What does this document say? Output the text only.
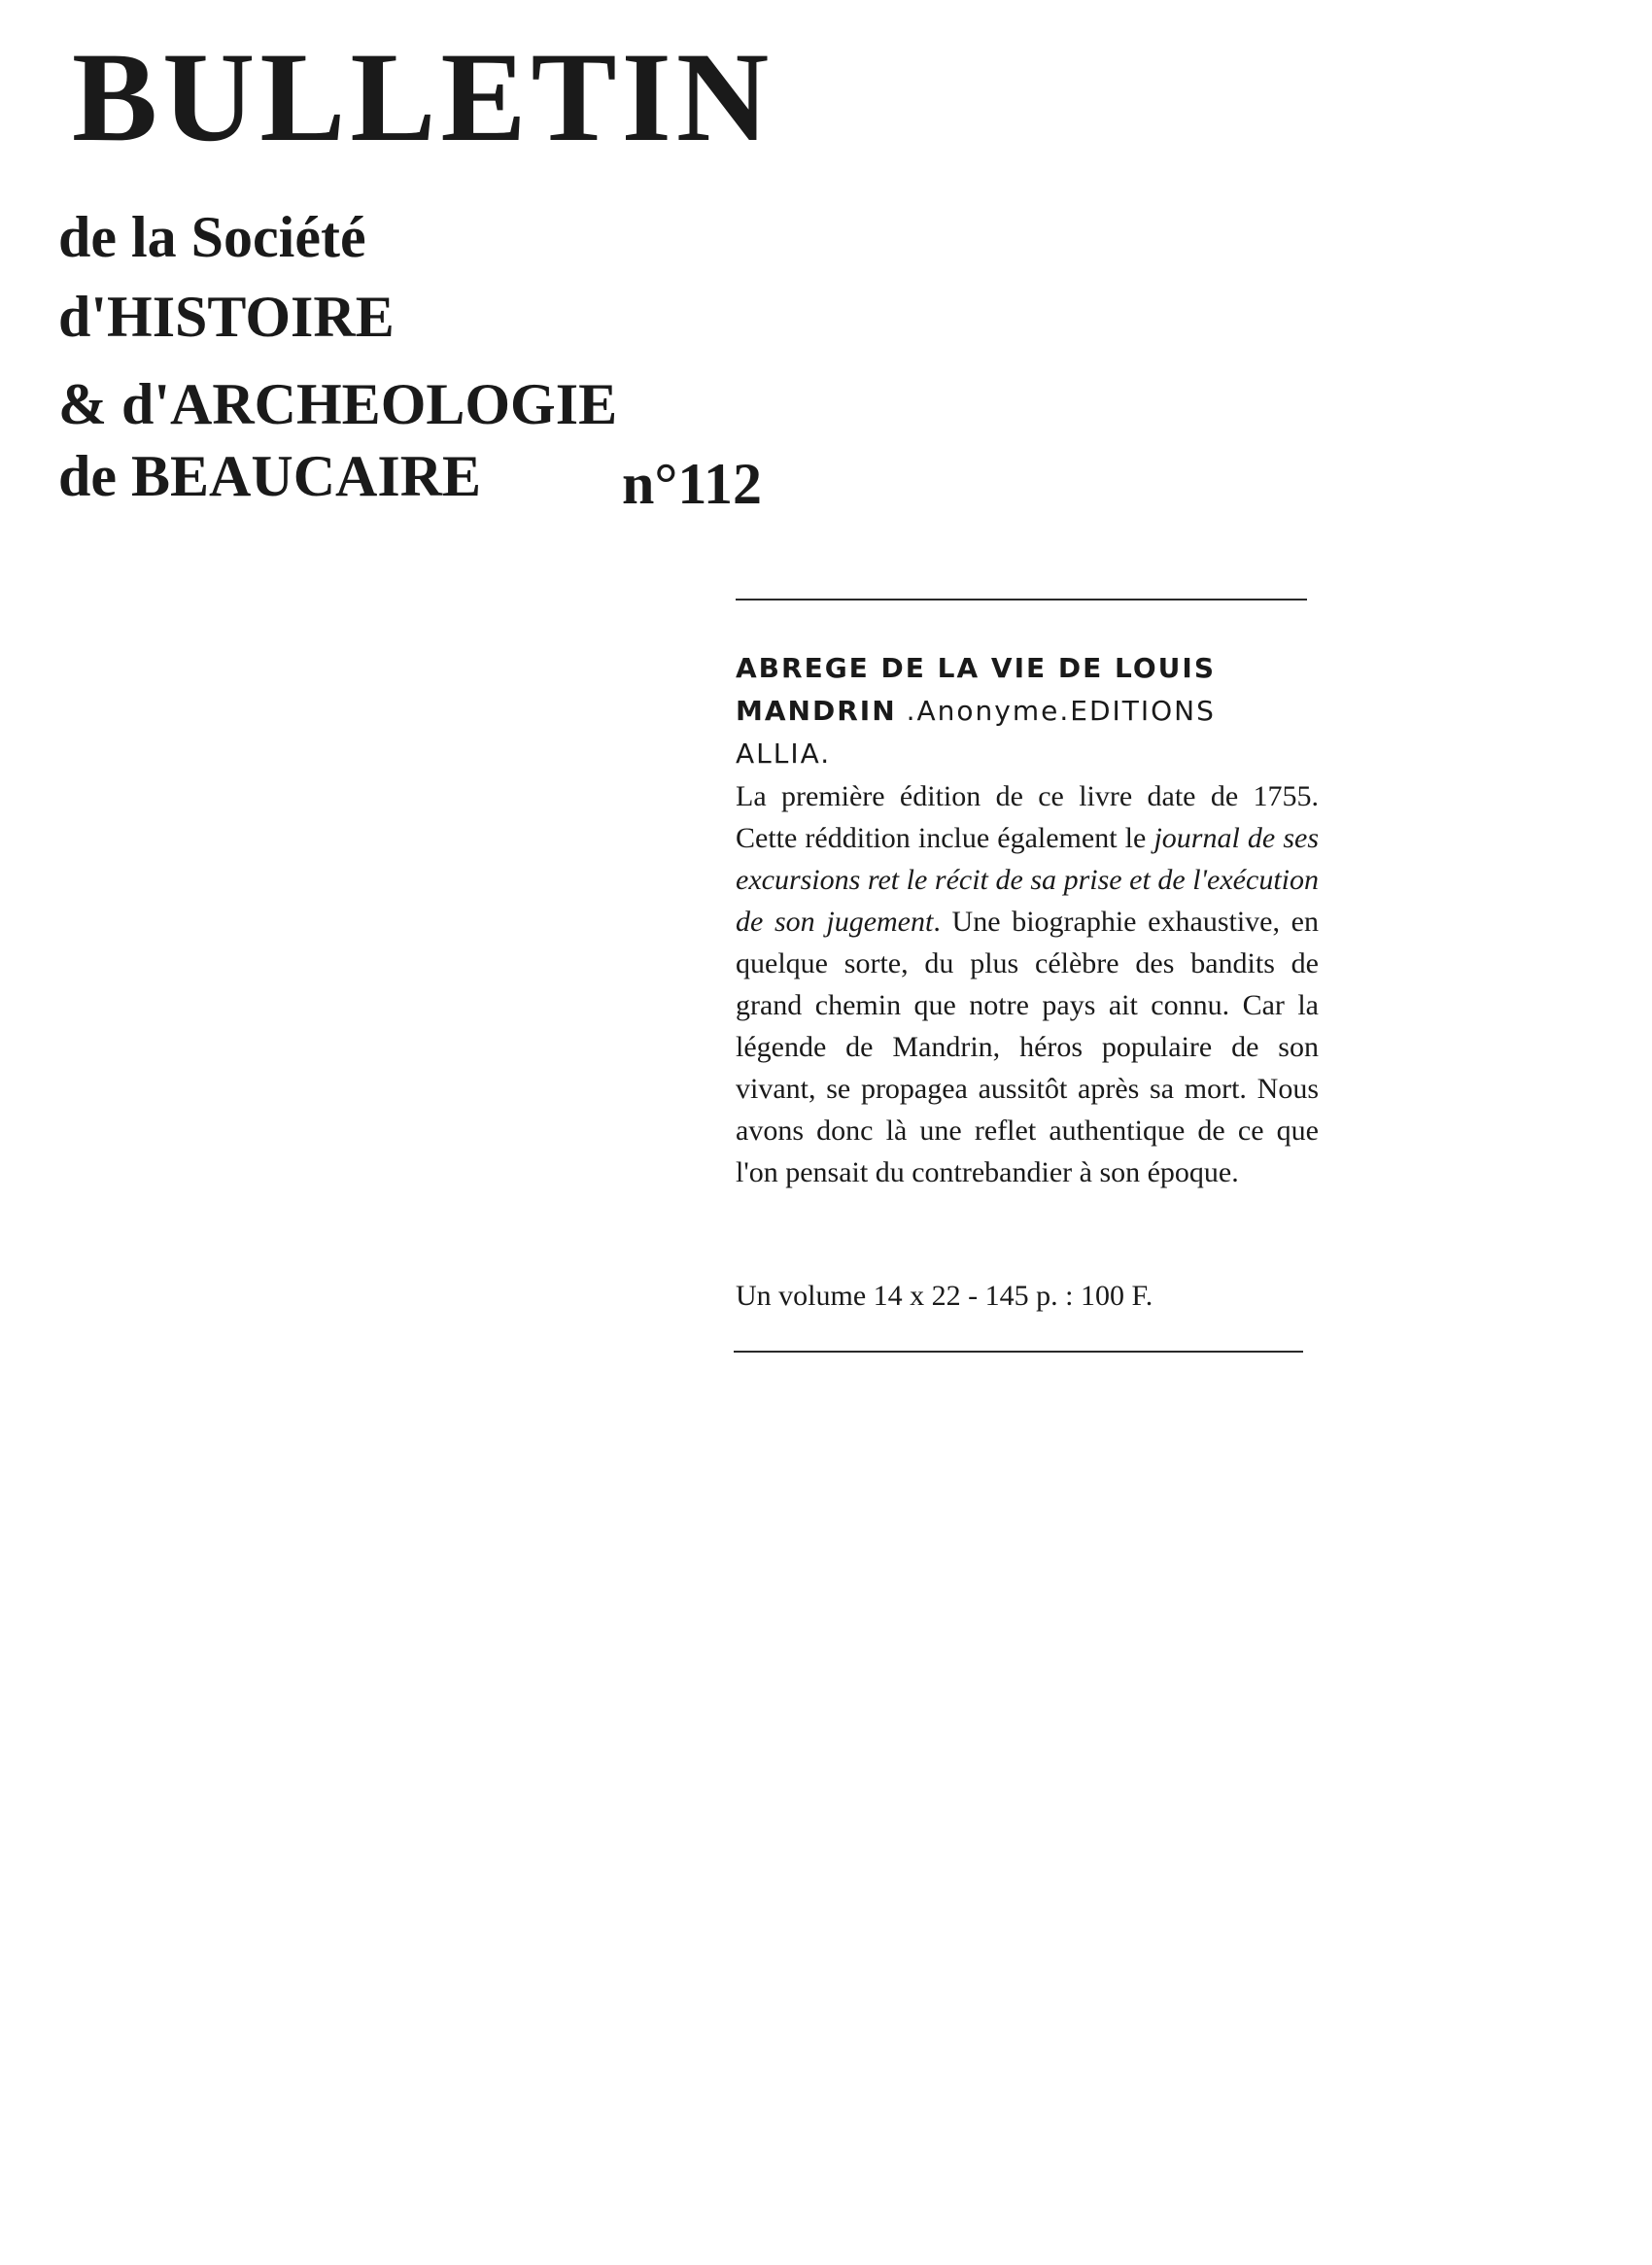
BULLETIN
de la Société
d'HISTOIRE
& d'ARCHEOLOGIE
de BEAUCAIRE n°112
ABREGE DE LA VIE DE LOUIS MANDRIN .Anonyme.EDITIONS ALLIA.
La première édition de ce livre date de 1755. Cette réddition inclue également le journal de ses excursions ret le récit de sa prise et de l'exécution de son jugement. Une biographie exhaustive, en quelque sorte, du plus célèbre des bandits de grand chemin que notre pays ait connu. Car la légende de Mandrin, héros populaire de son vivant, se propagea aussitôt après sa mort. Nous avons donc là une reflet authentique de ce que l'on pensait du contrebandier à son époque.
Un volume 14 x 22 - 145 p. : 100 F.
